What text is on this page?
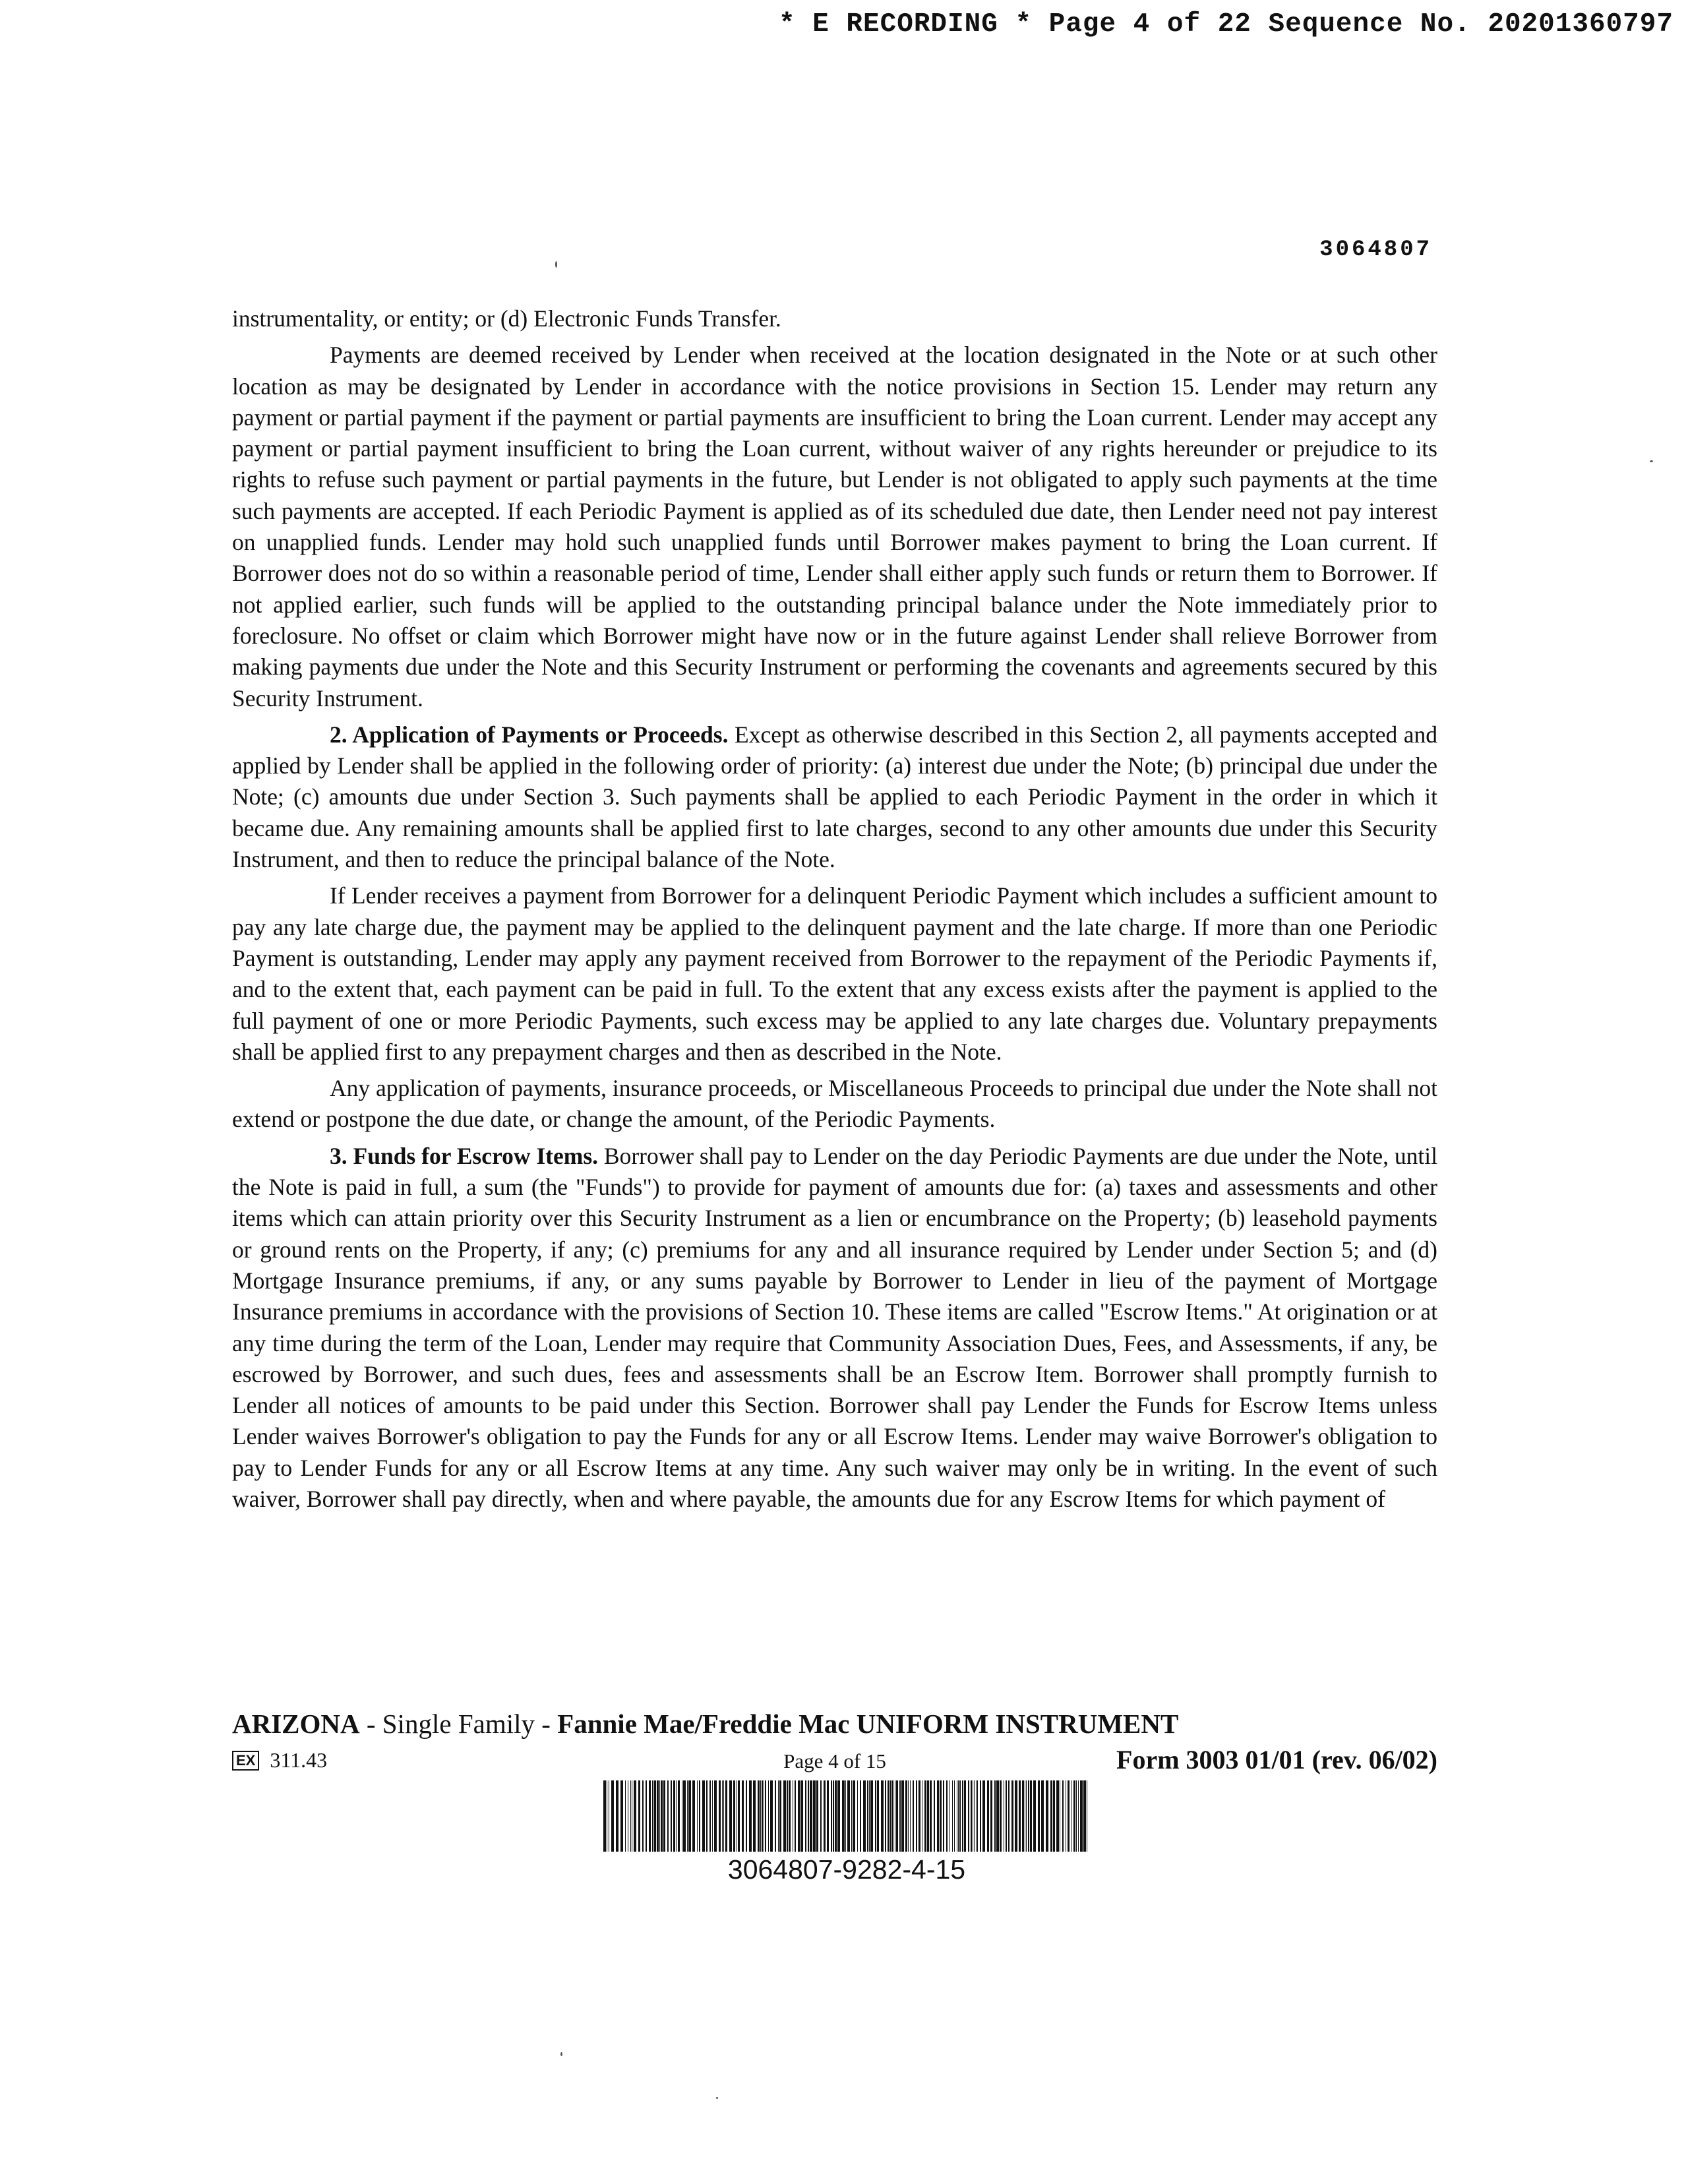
* E RECORDING * Page 4 of 22 Sequence No. 20201360797
3064807

instrumentality, or entity; or (d) Electronic Funds Transfer.

Payments are deemed received by Lender when received at the location designated in the Note or at such other location as may be designated by Lender in accordance with the notice provisions in Section 15. Lender may return any payment or partial payment if the payment or partial payments are insufficient to bring the Loan current. Lender may accept any payment or partial payment insufficient to bring the Loan current, without waiver of any rights hereunder or prejudice to its rights to refuse such payment or partial payments in the future, but Lender is not obligated to apply such payments at the time such payments are accepted. If each Periodic Payment is applied as of its scheduled due date, then Lender need not pay interest on unapplied funds. Lender may hold such unapplied funds until Borrower makes payment to bring the Loan current. If Borrower does not do so within a reasonable period of time, Lender shall either apply such funds or return them to Borrower. If not applied earlier, such funds will be applied to the outstanding principal balance under the Note immediately prior to foreclosure. No offset or claim which Borrower might have now or in the future against Lender shall relieve Borrower from making payments due under the Note and this Security Instrument or performing the covenants and agreements secured by this Security Instrument.

2. Application of Payments or Proceeds. Except as otherwise described in this Section 2, all payments accepted and applied by Lender shall be applied in the following order of priority: (a) interest due under the Note; (b) principal due under the Note; (c) amounts due under Section 3. Such payments shall be applied to each Periodic Payment in the order in which it became due. Any remaining amounts shall be applied first to late charges, second to any other amounts due under this Security Instrument, and then to reduce the principal balance of the Note.

If Lender receives a payment from Borrower for a delinquent Periodic Payment which includes a sufficient amount to pay any late charge due, the payment may be applied to the delinquent payment and the late charge. If more than one Periodic Payment is outstanding, Lender may apply any payment received from Borrower to the repayment of the Periodic Payments if, and to the extent that, each payment can be paid in full. To the extent that any excess exists after the payment is applied to the full payment of one or more Periodic Payments, such excess may be applied to any late charges due. Voluntary prepayments shall be applied first to any prepayment charges and then as described in the Note.

Any application of payments, insurance proceeds, or Miscellaneous Proceeds to principal due under the Note shall not extend or postpone the due date, or change the amount, of the Periodic Payments.

3. Funds for Escrow Items. Borrower shall pay to Lender on the day Periodic Payments are due under the Note, until the Note is paid in full, a sum (the "Funds") to provide for payment of amounts due for: (a) taxes and assessments and other items which can attain priority over this Security Instrument as a lien or encumbrance on the Property; (b) leasehold payments or ground rents on the Property, if any; (c) premiums for any and all insurance required by Lender under Section 5; and (d) Mortgage Insurance premiums, if any, or any sums payable by Borrower to Lender in lieu of the payment of Mortgage Insurance premiums in accordance with the provisions of Section 10. These items are called "Escrow Items." At origination or at any time during the term of the Loan, Lender may require that Community Association Dues, Fees, and Assessments, if any, be escrowed by Borrower, and such dues, fees and assessments shall be an Escrow Item. Borrower shall promptly furnish to Lender all notices of amounts to be paid under this Section. Borrower shall pay Lender the Funds for Escrow Items unless Lender waives Borrower's obligation to pay the Funds for any or all Escrow Items. Lender may waive Borrower's obligation to pay to Lender Funds for any or all Escrow Items at any time. Any such waiver may only be in writing. In the event of such waiver, Borrower shall pay directly, when and where payable, the amounts due for any Escrow Items for which payment of

ARIZONA - Single Family - Fannie Mae/Freddie Mac UNIFORM INSTRUMENT
EX 311.43	Page 4 of 15	Form 3003 01/01 (rev. 06/02)
3064807-9282-4-15
